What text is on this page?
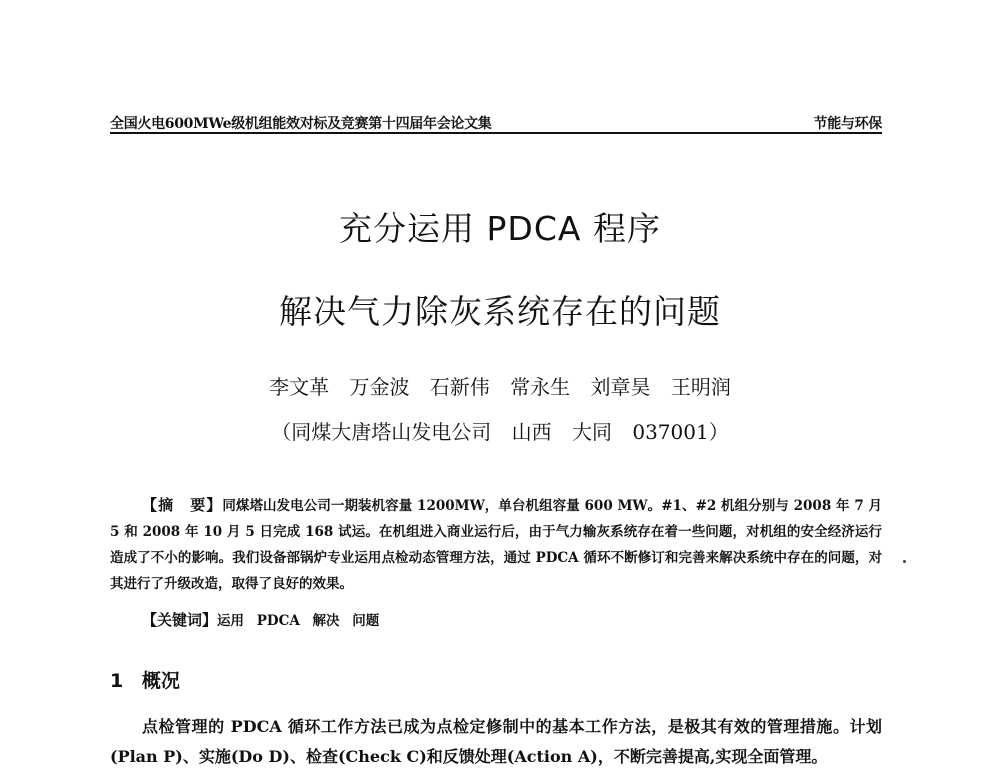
全国火电600MWe级机组能效对标及竞赛第十四届年会论文集	节能与环保
充分运用 PDCA 程序
解决气力除灰系统存在的问题
李文革 万金波 石新伟 常永生 刘章昊 王明润
（同煤大唐塔山发电公司 山西 大同 037001）
【摘　要】同煤塔山发电公司一期装机容量 1200MW，单台机组容量 600 MW。#1、#2 机组分别与 2008 年 7 月 5 和 2008 年 10 月 5 日完成 168 试运。在机组进入商业运行后，由于气力输灰系统存在着一些问题，对机组的安全经济运行造成了不小的影响。我们设备部锅炉专业运用点检动态管理方法，通过 PDCA 循环不断修订和完善来解决系统中存在的问题，对其进行了升级改造，取得了良好的效果。
【关键词】运用 PDCA 解决 问题
1 概况
点检管理的 PDCA 循环工作方法已成为点检定修制中的基本工作方法，是极其有效的管理措施。计划(Plan P)、实施(Do D)、检查(Check C)和反馈处理(Action A)，不断完善提高,实现全面管理。
